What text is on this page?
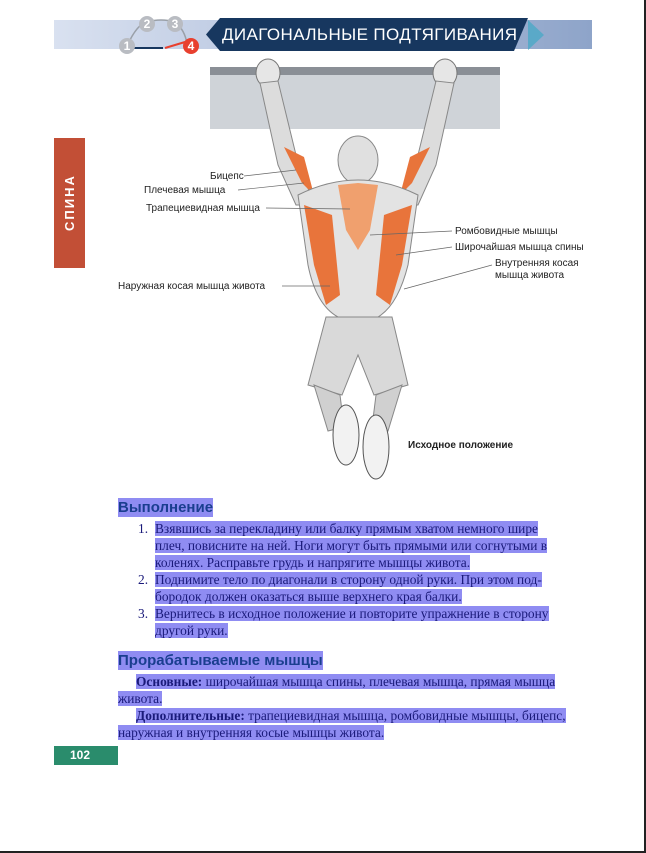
1
2	3
4
ДИАГОНАЛЬНЫЕ ПОДТЯГИВАНИЯ
СПИНА	Бицепс
Плечевая мышца
Трапециевидная мышца
Ромбовидные мышцы
Широчайшая мышца спины
Внутренняя косая
мышца живота
Наружная косая мышца живота
Исходное положение
Выполнение
1. Взявшись за перекладину или балку прямым хватом немного шире
плеч, повисните на ней. Ноги могут быть прямыми или согнутыми в
коленях. Расправьте грудь и напрягите мышцы живота.
2. Поднимите тело по диагонали в сторону одной руки. При этом под-
бородок должен оказаться выше верхнего края балки.
3. Вернитесь в исходное положение и повторите упражнение в сторону
другой руки.
Прорабатываемые мышцы
Основные: широчайшая мышца спины, плечевая мышца, прямая мышца
живота.
Дополнительные: трапециевидная мышца, ромбовидные мышцы, бицепс,
наружная и внутренняя косые мышцы живота.
102
